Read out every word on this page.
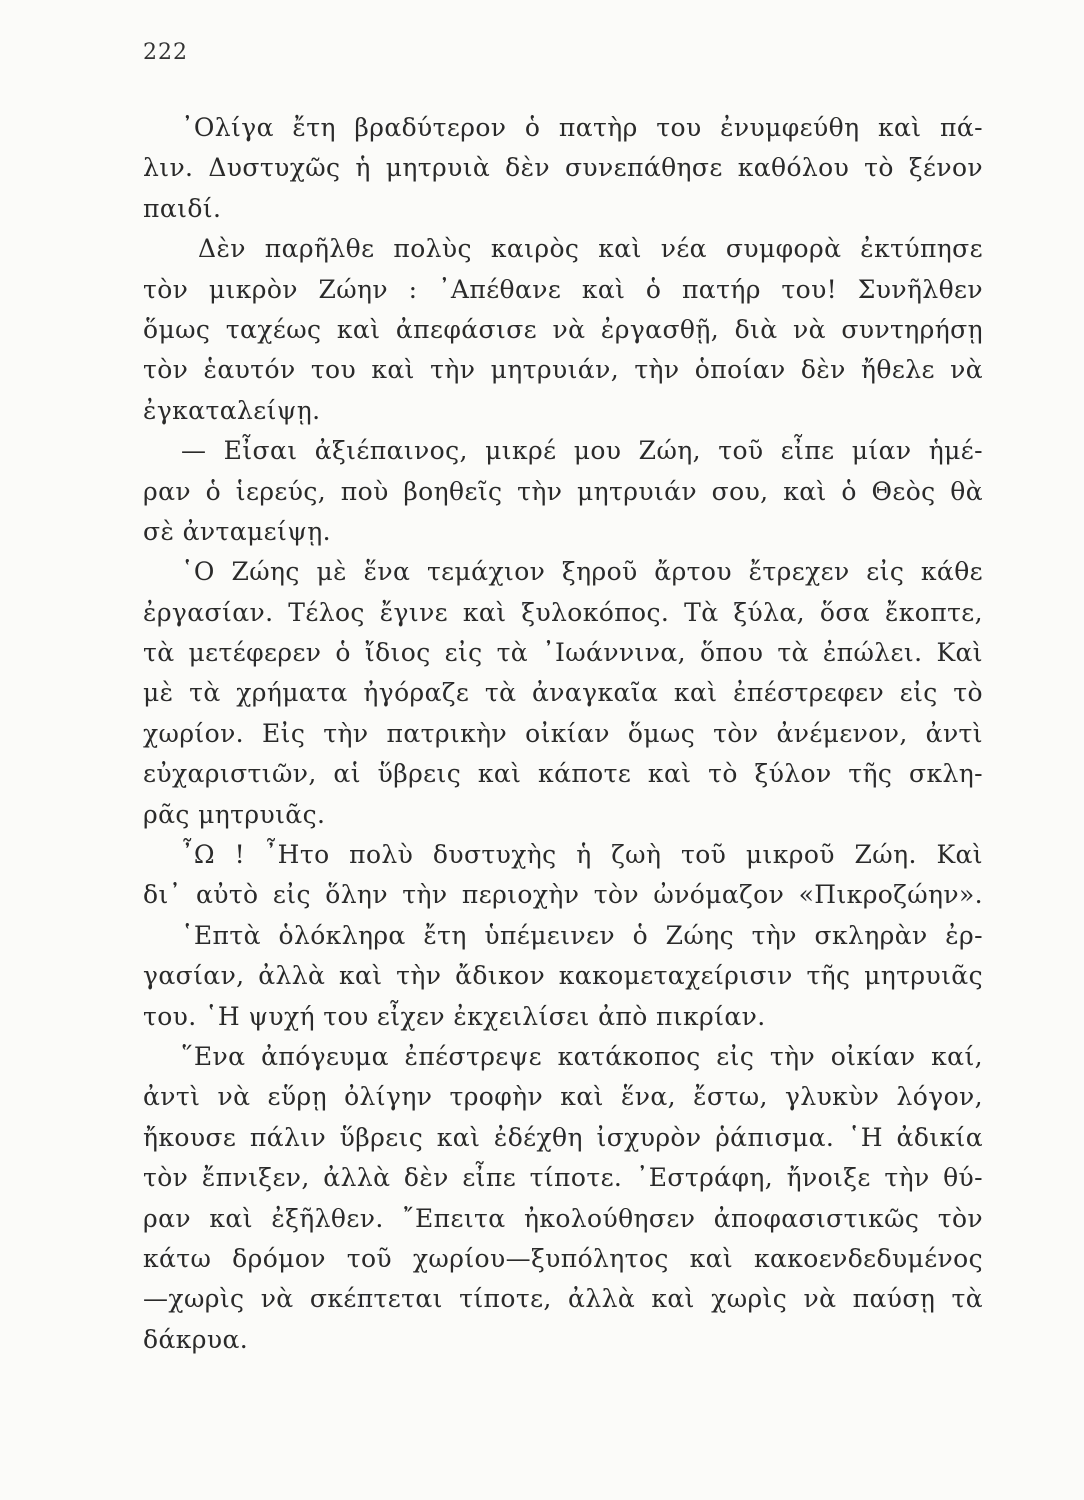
222
᾿Ολίγα ἔτη βραδύτερον ὁ πατὴρ του ἐνυμφεύθη καὶ πά-
λιν. Δυστυχῶς ἡ μητρυιὰ δὲν συνεπάθησε καθόλου τὸ ξένον
παιδί.
Δὲν παρῆλθε πολὺς καιρὸς καὶ νέα συμφορὰ ἐκτύπησε
τὸν μικρὸν Ζώην : ᾿Απέθανε καὶ ὁ πατήρ του! Συνῆλθεν
ὅμως ταχέως καὶ ἀπεφάσισε νὰ ἐργασθῇ, διὰ νὰ συντηρήσῃ
τὸν ἑαυτόν του καὶ τὴν μητρυιάν, τὴν ὁποίαν δὲν ἤθελε νὰ
ἐγκαταλείψῃ.
— Εἶσαι ἀξιέπαινος, μικρέ μου Ζώη, τοῦ εἶπε μίαν ἡμέ-
ραν ὁ ἱερεύς, ποὺ βοηθεῖς τὴν μητρυιάν σου, καὶ ὁ Θεὸς θὰ
σὲ ἀνταμείψῃ.
῾Ο Ζώης μὲ ἕνα τεμάχιον ξηροῦ ἄρτου ἔτρεχεν εἰς κάθε
ἐργασίαν. Τέλος ἔγινε καὶ ξυλοκόπος. Τὰ ξύλα, ὅσα ἔκοπτε,
τὰ μετέφερεν ὁ ἴδιος εἰς τὰ ᾿Ιωάννινα, ὅπου τὰ ἐπώλει. Καὶ
μὲ τὰ χρήματα ἠγόραζε τὰ ἀναγκαῖα καὶ ἐπέστρεφεν εἰς τὸ
χωρίον. Εἰς τὴν πατρικὴν οἰκίαν ὅμως τὸν ἀνέμενον, ἀντὶ
εὐχαριστιῶν, αἱ ὕβρεις καὶ κάποτε καὶ τὸ ξύλον τῆς σκλη-
ρᾶς μητρυιᾶς.
῏Ω ! ῏Ητο πολὺ δυστυχὴς ἡ ζωὴ τοῦ μικροῦ Ζώη. Καὶ
δι᾿ αὐτὸ εἰς ὅλην τὴν περιοχὴν τὸν ὠνόμαζον «Πικροζώην».
῾Επτὰ ὁλόκληρα ἔτη ὑπέμεινεν ὁ Ζώης τὴν σκληρὰν ἐρ-
γασίαν, ἀλλὰ καὶ τὴν ἄδικον κακομεταχείρισιν τῆς μητρυιᾶς
του. ῾Η ψυχή του εἶχεν ἐκχειλίσει ἀπὸ πικρίαν.
῞Ενα ἀπόγευμα ἐπέστρεψε κατάκοπος εἰς τὴν οἰκίαν καί,
ἀντὶ νὰ εὕρῃ ὀλίγην τροφὴν καὶ ἕνα, ἔστω, γλυκὺν λόγον,
ἤκουσε πάλιν ὕβρεις καὶ ἐδέχθη ἰσχυρὸν ῥάπισμα. ῾Η ἀδικία
τὸν ἔπνιξεν, ἀλλὰ δὲν εἶπε τίποτε. ᾿Εστράφη, ἤνοιξε τὴν θύ-
ραν καὶ ἐξῆλθεν. ῎Επειτα ἠκολούθησεν ἀποφασιστικῶς τὸν
κάτω δρόμον τοῦ χωρίου—ξυπόλητος καὶ κακοενδεδυμένος
—χωρὶς νὰ σκέπτεται τίποτε, ἀλλὰ καὶ χωρὶς νὰ παύσῃ τὰ
δάκρυα.
